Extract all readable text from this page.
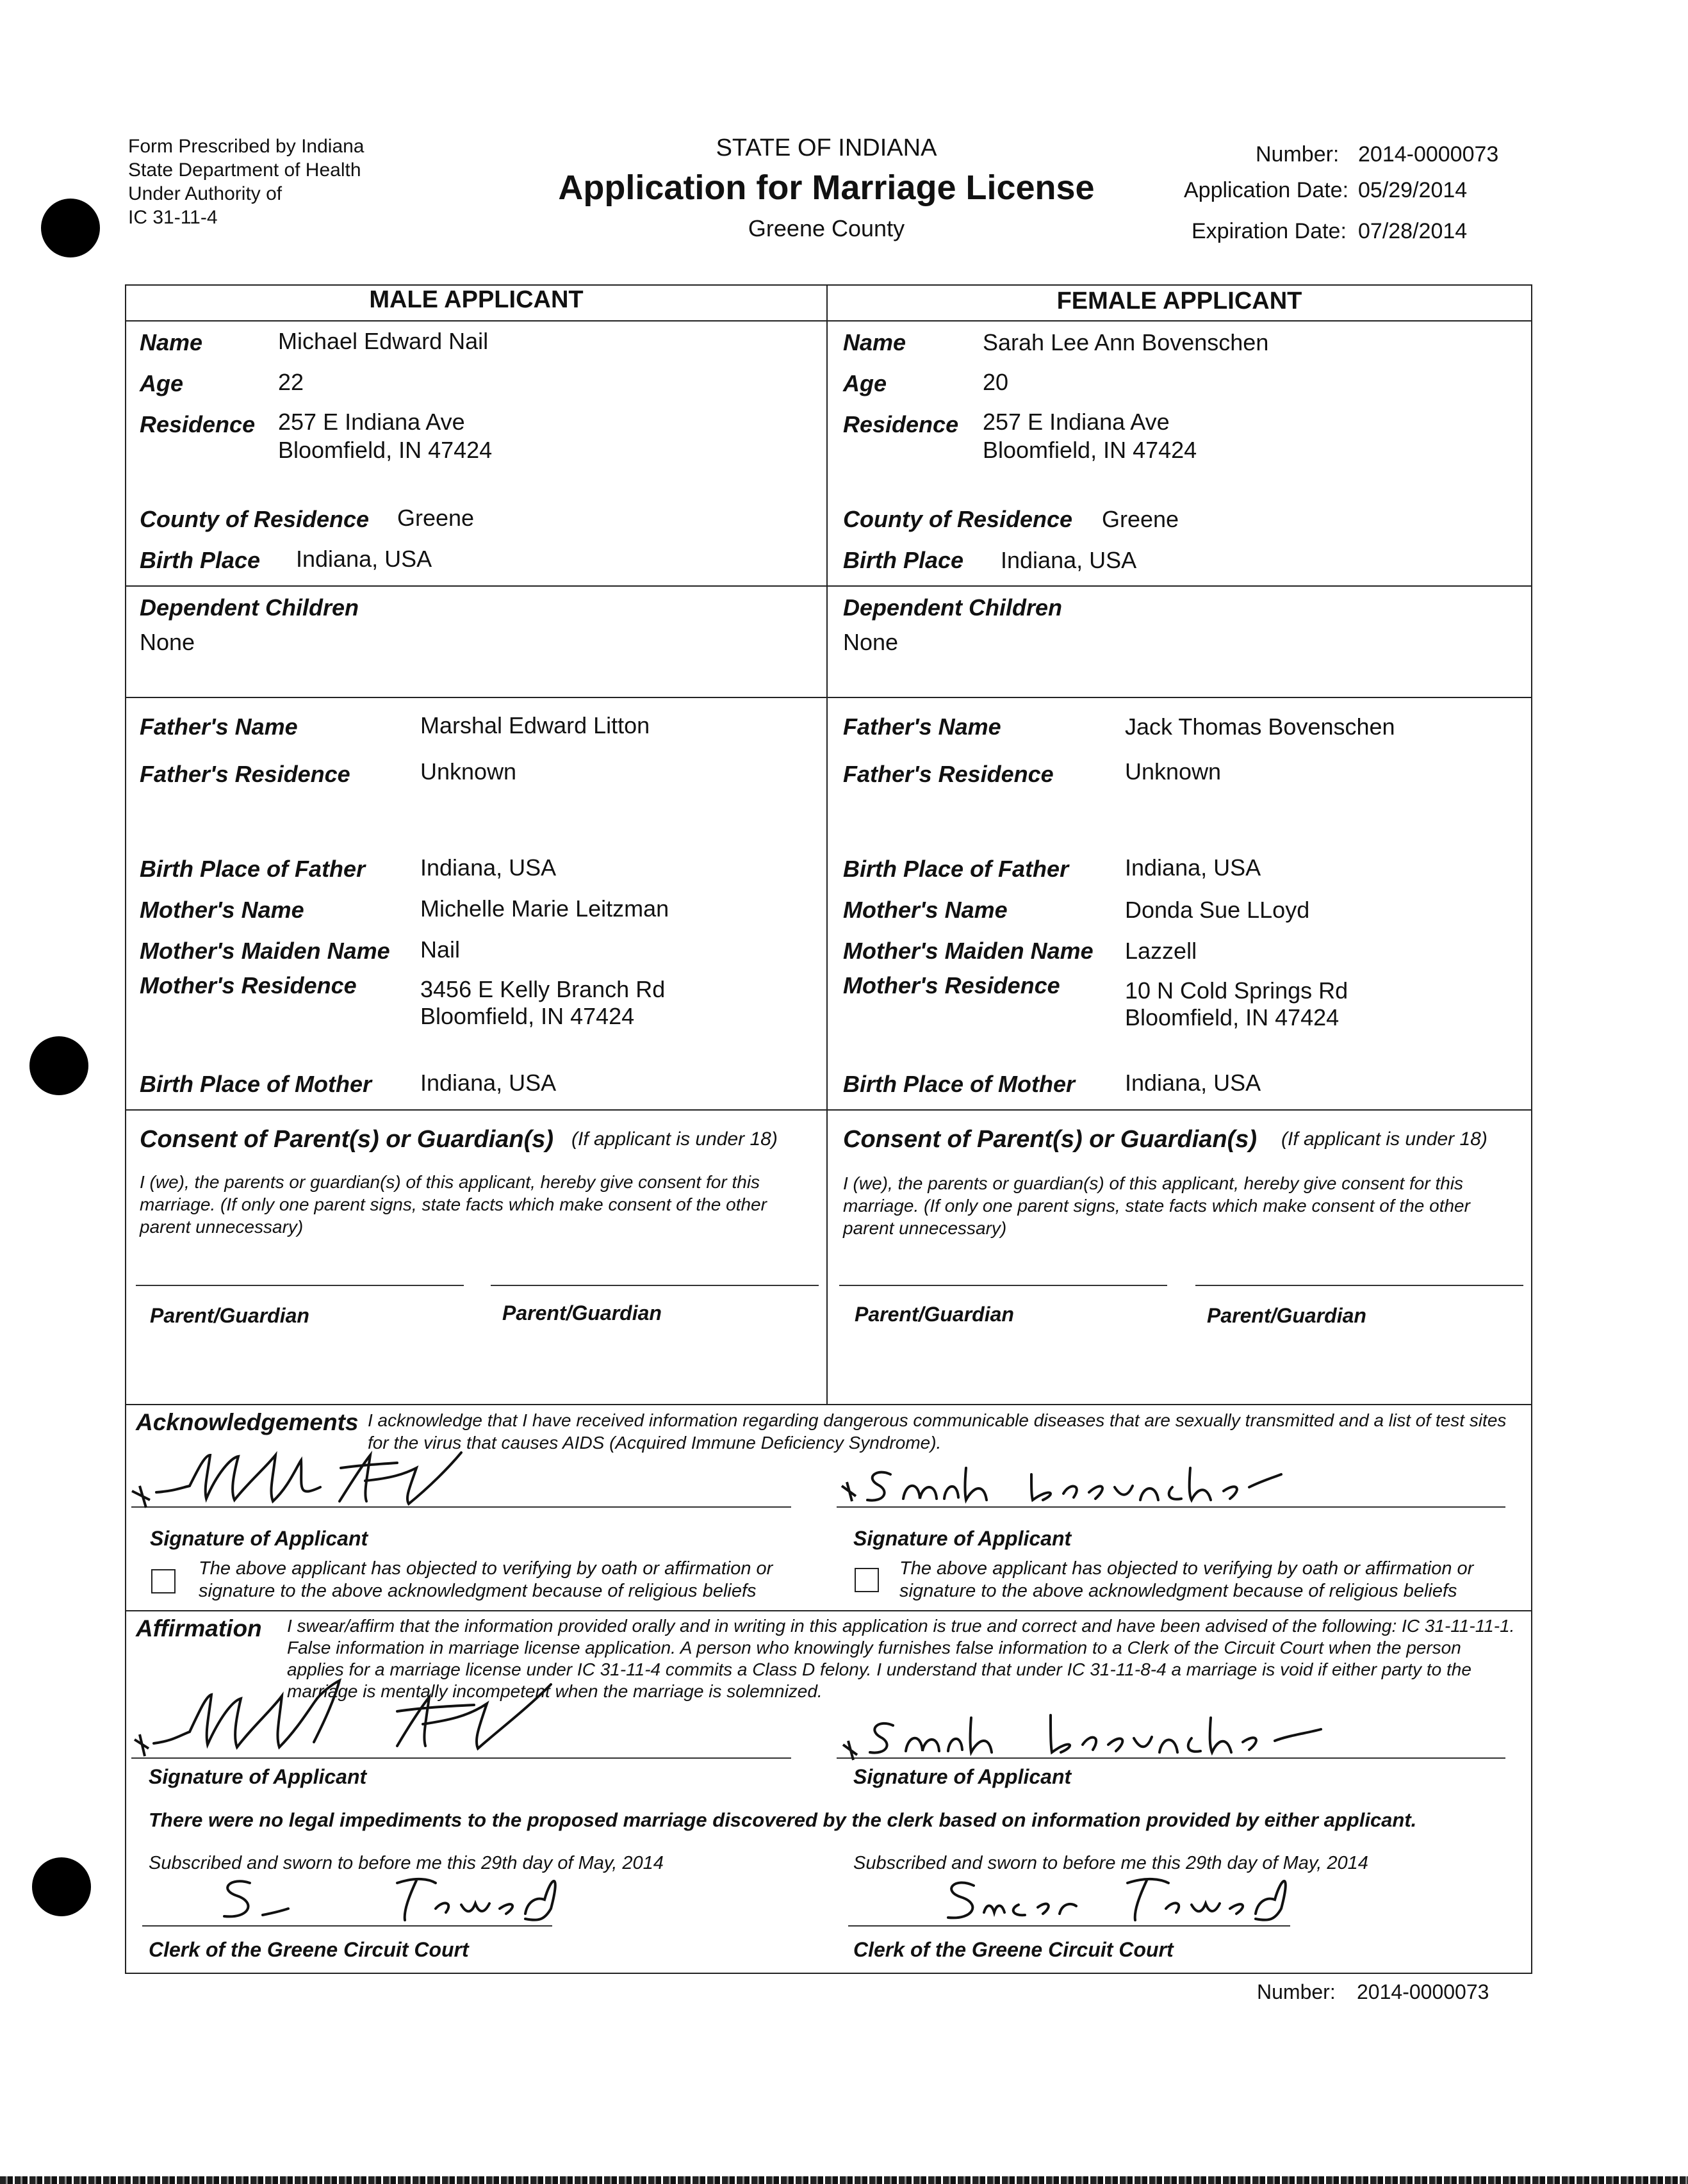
Form Prescribed by Indiana
State Department of Health
Under Authority of
IC 31-11-4
STATE OF INDIANA
Application for Marriage License
Greene County
Number: 2014-0000073
Application Date: 05/29/2014
Expiration Date: 07/28/2014
MALE APPLICANT	FEMALE APPLICANT
Name	Michael Edward Nail
Age	22
Residence 257 E Indiana Ave
Bloomfield, IN 47424
County of Residence Greene
Birth Place Indiana, USA
Name	Sarah Lee Ann Bovenschen
Age	20
Residence 257 E Indiana Ave
Bloomfield, IN 47424
County of Residence Greene
Birth Place Indiana, USA
Dependent Children
None
Dependent Children
None
Father's Name	Marshal Edward Litton
Father's Residence	Unknown
Birth Place of Father Indiana, USA
Mother's Name	Michelle Marie Leitzman
Mother's Maiden Name Nail
Mother's Residence	3456 E Kelly Branch Rd
Bloomfield, IN 47424
Birth Place of Mother Indiana, USA
Father's Name	Jack Thomas Bovenschen
Father's Residence	Unknown
Birth Place of Father Indiana, USA
Mother's Name	Donda Sue LLoyd
Mother's Maiden Name Lazzell
Mother's Residence	10 N Cold Springs Rd
Bloomfield, IN 47424
Birth Place of Mother Indiana, USA
Consent of Parent(s) or Guardian(s) (If applicant is under 18)
I (we), the parents or guardian(s) of this applicant, hereby give consent for this marriage. (If only one parent signs, state facts which make consent of the other parent unnecessary)
Parent/Guardian	Parent/Guardian
Consent of Parent(s) or Guardian(s) (If applicant is under 18)
I (we), the parents or guardian(s) of this applicant, hereby give consent for this marriage. (If only one parent signs, state facts which make consent of the other parent unnecessary)
Parent/Guardian	Parent/Guardian
Acknowledgements I acknowledge that I have received information regarding dangerous communicable diseases that are sexually transmitted and a list of test sites for the virus that causes AIDS (Acquired Immune Deficiency Syndrome).
Signature of Applicant	Signature of Applicant
The above applicant has objected to verifying by oath or affirmation or signature to the above acknowledgment because of religious beliefs
The above applicant has objected to verifying by oath or affirmation or signature to the above acknowledgment because of religious beliefs
Affirmation I swear/affirm that the information provided orally and in writing in this application is true and correct and have been advised of the following: IC 31-11-11-1. False information in marriage license application. A person who knowingly furnishes false information to a Clerk of the Circuit Court when the person applies for a marriage license under IC 31-11-4 commits a Class D felony. I understand that under IC 31-11-8-4 a marriage is void if either party to the marriage is mentally incompetent when the marriage is solemnized.
Signature of Applicant	Signature of Applicant
There were no legal impediments to the proposed marriage discovered by the clerk based on information provided by either applicant.
Subscribed and sworn to before me this 29th day of May, 2014	Subscribed and sworn to before me this 29th day of May, 2014
Clerk of the Greene Circuit Court	Clerk of the Greene Circuit Court
Number: 2014-0000073
